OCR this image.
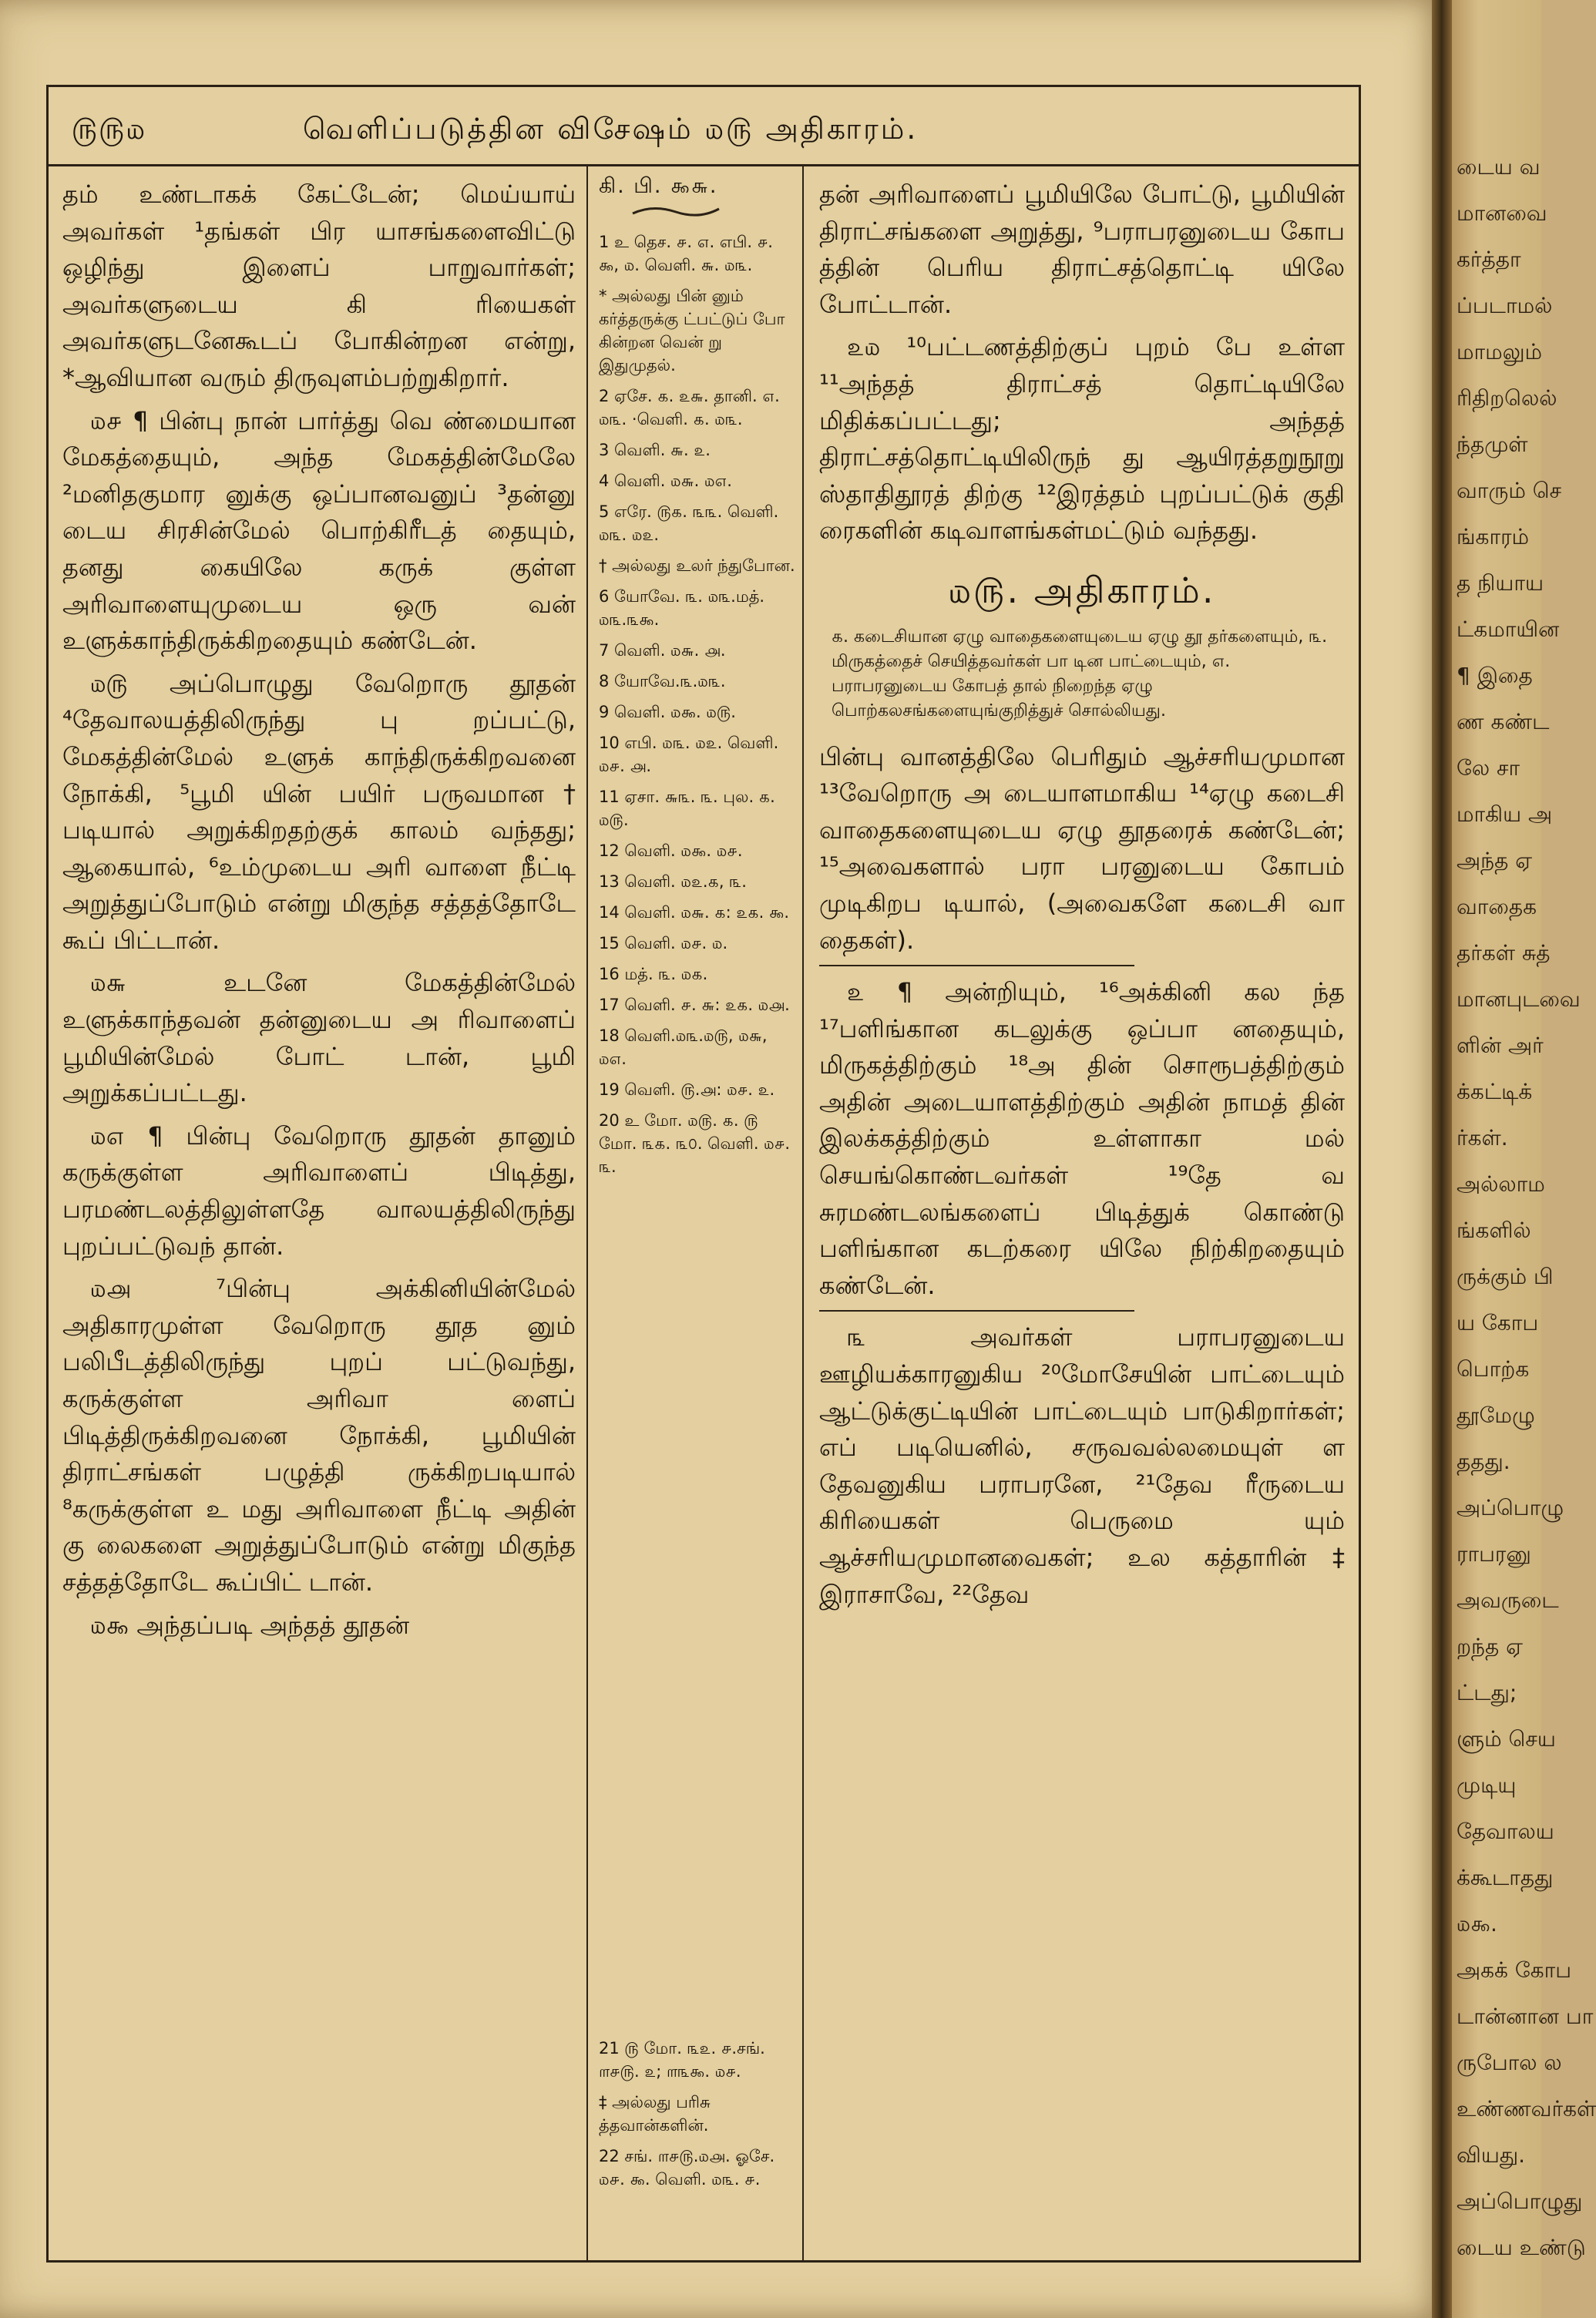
௫௫௰	வெளிப்படுத்தின விசேஷம் ௰௫ அதிகாரம்.

தம் உண்டாகக் கேட்டேன்; மெய்யாய் அவர்கள் ¹தங்கள் பிர யாசங்களைவிட்டு ஒழிந்து இளைப் பாறுவார்கள்; அவர்களுடைய கி ரியைகள் அவர்களுடனேகூடப் போகின்றன என்று, *ஆவியான வரும் திருவுளம்பற்றுகிறார்.

௰௪ ¶ பின்பு நான் பார்த்து வெ ண்மையான மேகத்தையும், அந்த மேகத்தின்மேலே ²மனிதகுமார னுக்கு ஒப்பானவனுப் ³தன்னு டைய சிரசின்மேல் பொற்கிரீடத் தையும், தனது கையிலே கருக் குள்ள அரிவாளையுமுடைய ஒரு வன் உளுக்காந்திருக்கிறதையும் கண்டேன்.

௰௫ அப்பொழுது வேறொரு தூதன் ⁴தேவாலயத்திலிருந்து பு றப்பட்டு, மேகத்தின்மேல் உளுக் காந்திருக்கிறவனை நோக்கி, ⁵பூமி யின் பயிர் பருவமான† படியால் அறுக்கிறதற்குக் காலம் வந்தது; ஆகையால், ⁶உம்முடைய அரி வாளை நீட்டி அறுத்துப்போடும் என்று மிகுந்த சத்தத்தோடே கூப் பிட்டான்.

௰௬ உடனே மேகத்தின்மேல் உளுக்காந்தவன் தன்னுடைய அ ரிவாளைப் பூமியின்மேல் போட் டான், பூமி அறுக்கப்பட்டது.

௰௭ ¶ பின்பு வேறொரு தூதன் தானும் கருக்குள்ள அரிவாளைப் பிடித்து, பரமண்டலத்திலுள்ளதே வாலயத்திலிருந்து புறப்பட்டுவந் தான்.

௰௮ ⁷பின்பு அக்கினியின்மேல் அதிகாரமுள்ள வேறொரு தூத னும் பலிபீடத்திலிருந்து புறப் பட்டுவந்து, கருக்குள்ள அரிவா ளைப் பிடித்திருக்கிறவனை நோக்கி, பூமியின் திராட்சங்கள் பழுத்தி ருக்கிறபடியால் ⁸கருக்குள்ள உ மது அரிவாளை நீட்டி அதின் கு லைகளை அறுத்துப்போடும் என்று மிகுந்த சத்தத்தோடே கூப்பிட் டான்.

௰௯ அந்தப்படி அந்தத் தூதன்

கி. பி. ௯௬.
1 உ தெச. ௪. ௭. எபி. ௪. ௯, ௰. வெளி. ௬. ௰௩.
* அல்லது பின் னும் கர்த்தருக்கு ட்பட்டுப் போ கின்றன வென் று இதுமுதல்.
2 ஏசே. ௧. ௨௬. தானி. ௭. ௰௩. ·வெளி. ௧. ௰௩.
3 வெளி. ௬. ௨.
4 வெளி. ௰௬. ௰௭.
5 எரே. ௫௧. ௩௩. வெளி. ௰௩. ௰௨.
† அல்லது உலர் ந்துபோன.
6 யோவே. ௩. ௰௩.மத். ௰௩.௩௯.
7 வெளி. ௰௬. ௮.
8 யோவே.௩.௰௩.
9 வெளி. ௰௯. ௰௫.
10 எபி. ௰௩. ௰௨. வெளி. ௰௪. ௮.
11 ஏசா. ௬௩. ௩. புல. ௧. ௰௫.
12 வெளி. ௰௯. ௰௪.
13 வெளி. ௰௨.௧, ௩.
14 வெளி. ௰௬. ௧: ௨௧. ௯.
15 வெளி. ௰௪. ௰.
16 மத். ௩. ௰௧.
17 வெளி. ௪. ௬: ௨௧. ௰௮.
18 வெளி.௰௩.௰௫, ௰௬, ௰௭.
19 வெளி. ௫.௮: ௰௪. ௨.
20 உ மோ. ௰௫. ௧. ௫ மோ. ௩௧. ௩௦. வெளி. ௰௪. ௩.
21 ௫ மோ. ௩௨. ௪.சங். ௱௪௫. ௨; ௱௩௯. ௰௪.
‡ அல்லது பரிசு த்தவான்களின்.
22 சங். ௱௪௫.௰௮. ஓசே. ௰௪. ௯. வெளி. ௰௩. ௪.

தன் அரிவாளைப் பூமியிலே போட்டு, பூமியின் திராட்சங்களை அறுத்து, ⁹பராபரனுடைய கோப த்தின் பெரிய திராட்சத்தொட்டி யிலே போட்டான்.

௨௰ ¹⁰பட்டணத்திற்குப் புறம் பே உள்ள ¹¹அந்தத் திராட்சத் தொட்டியிலே மிதிக்கப்பட்டது; அந்தத் திராட்சத்தொட்டியிலிருந் து ஆயிரத்தறுநூறு ஸ்தாதிதூரத் திற்கு ¹²இரத்தம் புறப்பட்டுக் குதி ரைகளின் கடிவாளங்கள்மட்டும் வந்தது.

௰௫. அதிகாரம்.
௧. கடைசியான ஏழு வாதைகளையுடைய ஏழு தூ தர்களையும், ௩. மிருகத்தைச் செயித்தவர்கள் பா டின பாட்டையும், ௭. பராபரனுடைய கோபத் தால் நிறைந்த ஏழு பொற்கலசங்களையுங்குறித்துச் சொல்லியது.

பின்பு வானத்திலே பெரிதும் ஆச்சரியமுமான ¹³வேறொரு அ டையாளமாகிய ¹⁴ஏழு கடைசி வாதைகளையுடைய ஏழு தூதரைக் கண்டேன்; ¹⁵அவைகளால் பரா பரனுடைய கோபம் முடிகிறப டியால், (அவைகளே கடைசி வா தைகள்).

௨ ¶ அன்றியும், ¹⁶அக்கினி கல ந்த ¹⁷பளிங்கான கடலுக்கு ஒப்பா னதையும், மிருகத்திற்கும் ¹⁸அ தின் சொரூபத்திற்கும் அதின் அடையாளத்திற்கும் அதின் நாமத் தின் இலக்கத்திற்கும் உள்ளாகா மல் செயங்கொண்டவர்கள் ¹⁹தே வ சுரமண்டலங்களைப் பிடித்துக் கொண்டு பளிங்கான கடற்கரை யிலே நிற்கிறதையும் கண்டேன்.

௩ அவர்கள் பராபரனுடைய ஊழியக்காரனுகிய ²⁰மோசேயின் பாட்டையும் ஆட்டுக்குட்டியின் பாட்டையும் பாடுகிறார்கள்; எப் படியெனில், சருவவல்லமையுள் ள தேவனுகிய பராபரனே, ²¹தேவ ரீருடைய கிரியைகள் பெருமை யும் ஆச்சரியமுமானவைகள்; உல கத்தாரின்‡ இராசாவே, ²²தேவ

டைய வ
மானவை
கர்த்தா
ப்படாமல்
மாமலும்
ரிதிறலெல்
ந்தமுள்
வாரும் செ
ங்காரம்
த நியாய
ட்கமாயின
¶ இதை
ண கண்ட
லே சா
மாகிய அ
அந்த ஏ
வாதைக
தர்கள் சுத்
மானபுடவை
ளின் அர்
க்கட்டிக்
ர்கள்.
அல்லாம
ங்களில்
ருக்கும் பி
ய கோப
பொற்க
தூமேழு
ததது.
அப்பொழு
ராபரனு
அவருடை
றந்த ஏ
ட்டது;
ளும் செய
முடியு
தேவாலய
க்கூடாதது
௰௯.
அகக் கோப
டான்னான பா
ருபோல ல
உண்ணவர்கள்
வியது.
அப்பொழுது
டைய உண்டு
